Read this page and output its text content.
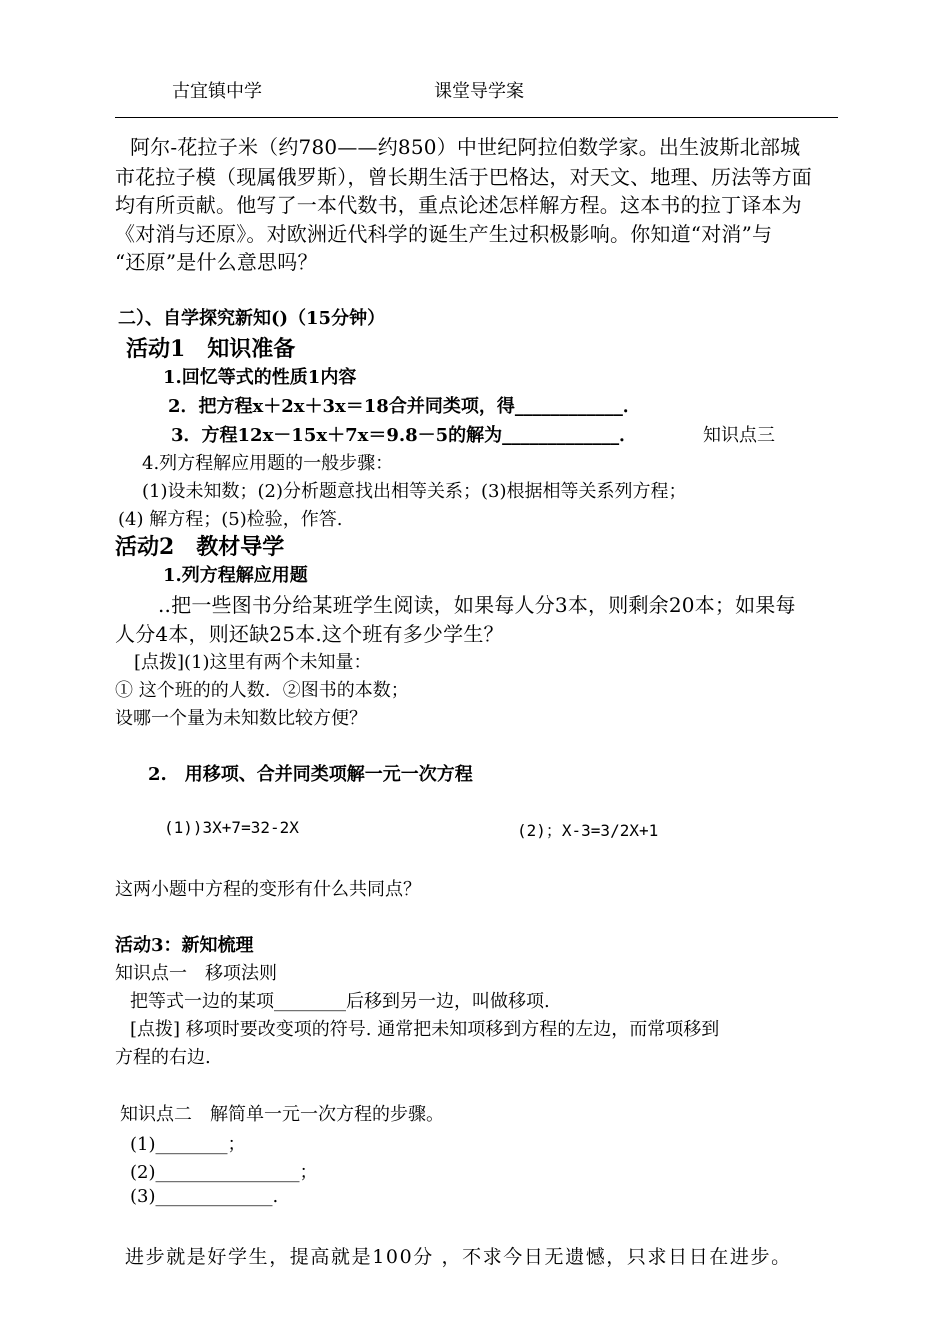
古宜镇中学	课堂导学案
阿尔-花拉子米（约780——约850）中世纪阿拉伯数学家。出生波斯北部城
市花拉子模（现属俄罗斯），曾长期生活于巴格达，对天文、地理、历法等方面
均有所贡献。他写了一本代数书，重点论述怎样解方程。这本书的拉丁译本为
《对消与还原》。对欧洲近代科学的诞生产生过积极影响。你知道“对消”与
“还原”是什么意思吗？
二）、自学探究新知()（15分钟）
活动1　知识准备
1.回忆等式的性质1内容
2．把方程x＋2x＋3x＝18合并同类项，得____________．
3．方程12x－15x＋7x＝9.8－5的解为_____________．	知识点三
4.列方程解应用题的一般步骤：
(1)设未知数；(2)分析题意找出相等关系；(3)根据相等关系列方程；
(4) 解方程；(5)检验，作答.
活动2　教材导学
1.列方程解应用题
..把一些图书分给某班学生阅读，如果每人分3本，则剩余20本；如果每
人分4本，则还缺25本.这个班有多少学生？
[点拨](1)这里有两个未知量：
① 这个班的的人数．②图书的本数；
设哪一个量为未知数比较方便？
2.　用移项、合并同类项解一元一次方程
(1))3X+7=32-2X	(2)；X-3=3/2X+1
这两小题中方程的变形有什么共同点？
活动3：新知梳理
知识点一　移项法则
把等式一边的某项________后移到另一边，叫做移项.
[点拨] 移项时要改变项的符号. 通常把未知项移到方程的左边，而常项移到
方程的右边.
知识点二　解简单一元一次方程的步骤。
(1)________；
(2)________________；
(3)_____________.
进步就是好学生，提高就是100分 ，不求今日无遗憾，只求日日在进步。
